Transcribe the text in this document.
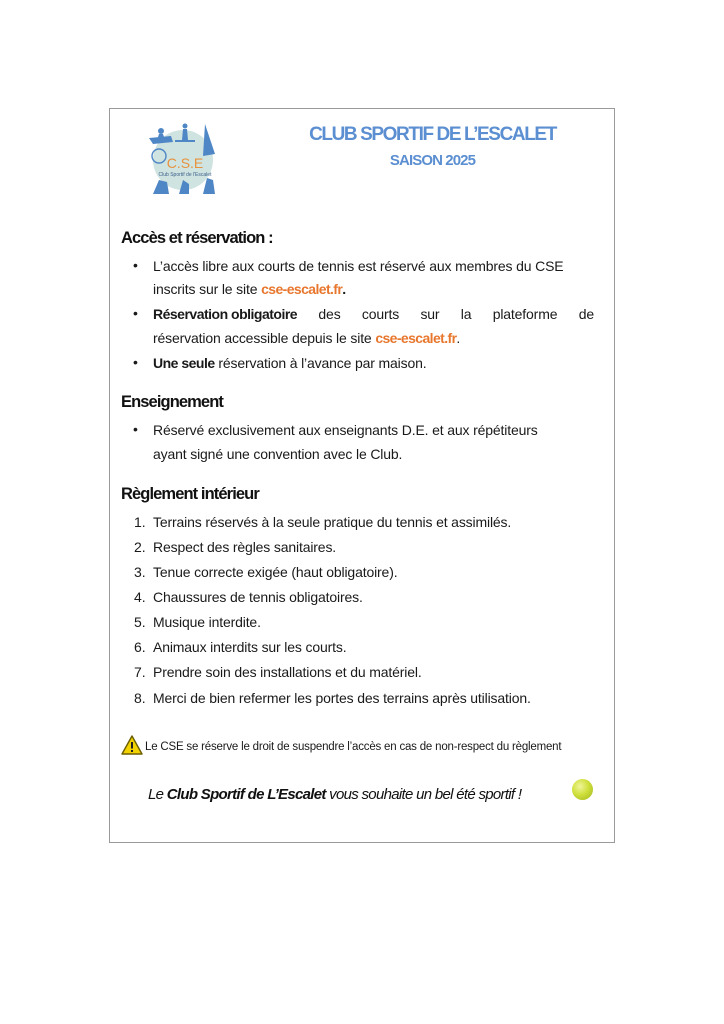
C.S.E
Club Sportif de l'Escalet
CLUB SPORTIF DE L’ESCALET
SAISON 2025
Accès et réservation :
• L’accès libre aux courts de tennis est réservé aux membres du CSE
inscrits sur le site cse-escalet.fr.
• Réservation obligatoire des courts sur la plateforme de
réservation accessible depuis le site cse-escalet.fr.
• Une seule réservation à l’avance par maison.
Enseignement
• Réservé exclusivement aux enseignants D.E. et aux répétiteurs
ayant signé une convention avec le Club.
Règlement intérieur
1. Terrains réservés à la seule pratique du tennis et assimilés.
2. Respect des règles sanitaires.
3. Tenue correcte exigée (haut obligatoire).
4. Chaussures de tennis obligatoires.
5. Musique interdite.
6. Animaux interdits sur les courts.
7. Prendre soin des installations et du matériel.
8. Merci de bien refermer les portes des terrains après utilisation.
Le CSE se réserve le droit de suspendre l’accès en cas de non-respect du règlement
Le Club Sportif de L’Escalet vous souhaite un bel été sportif !
